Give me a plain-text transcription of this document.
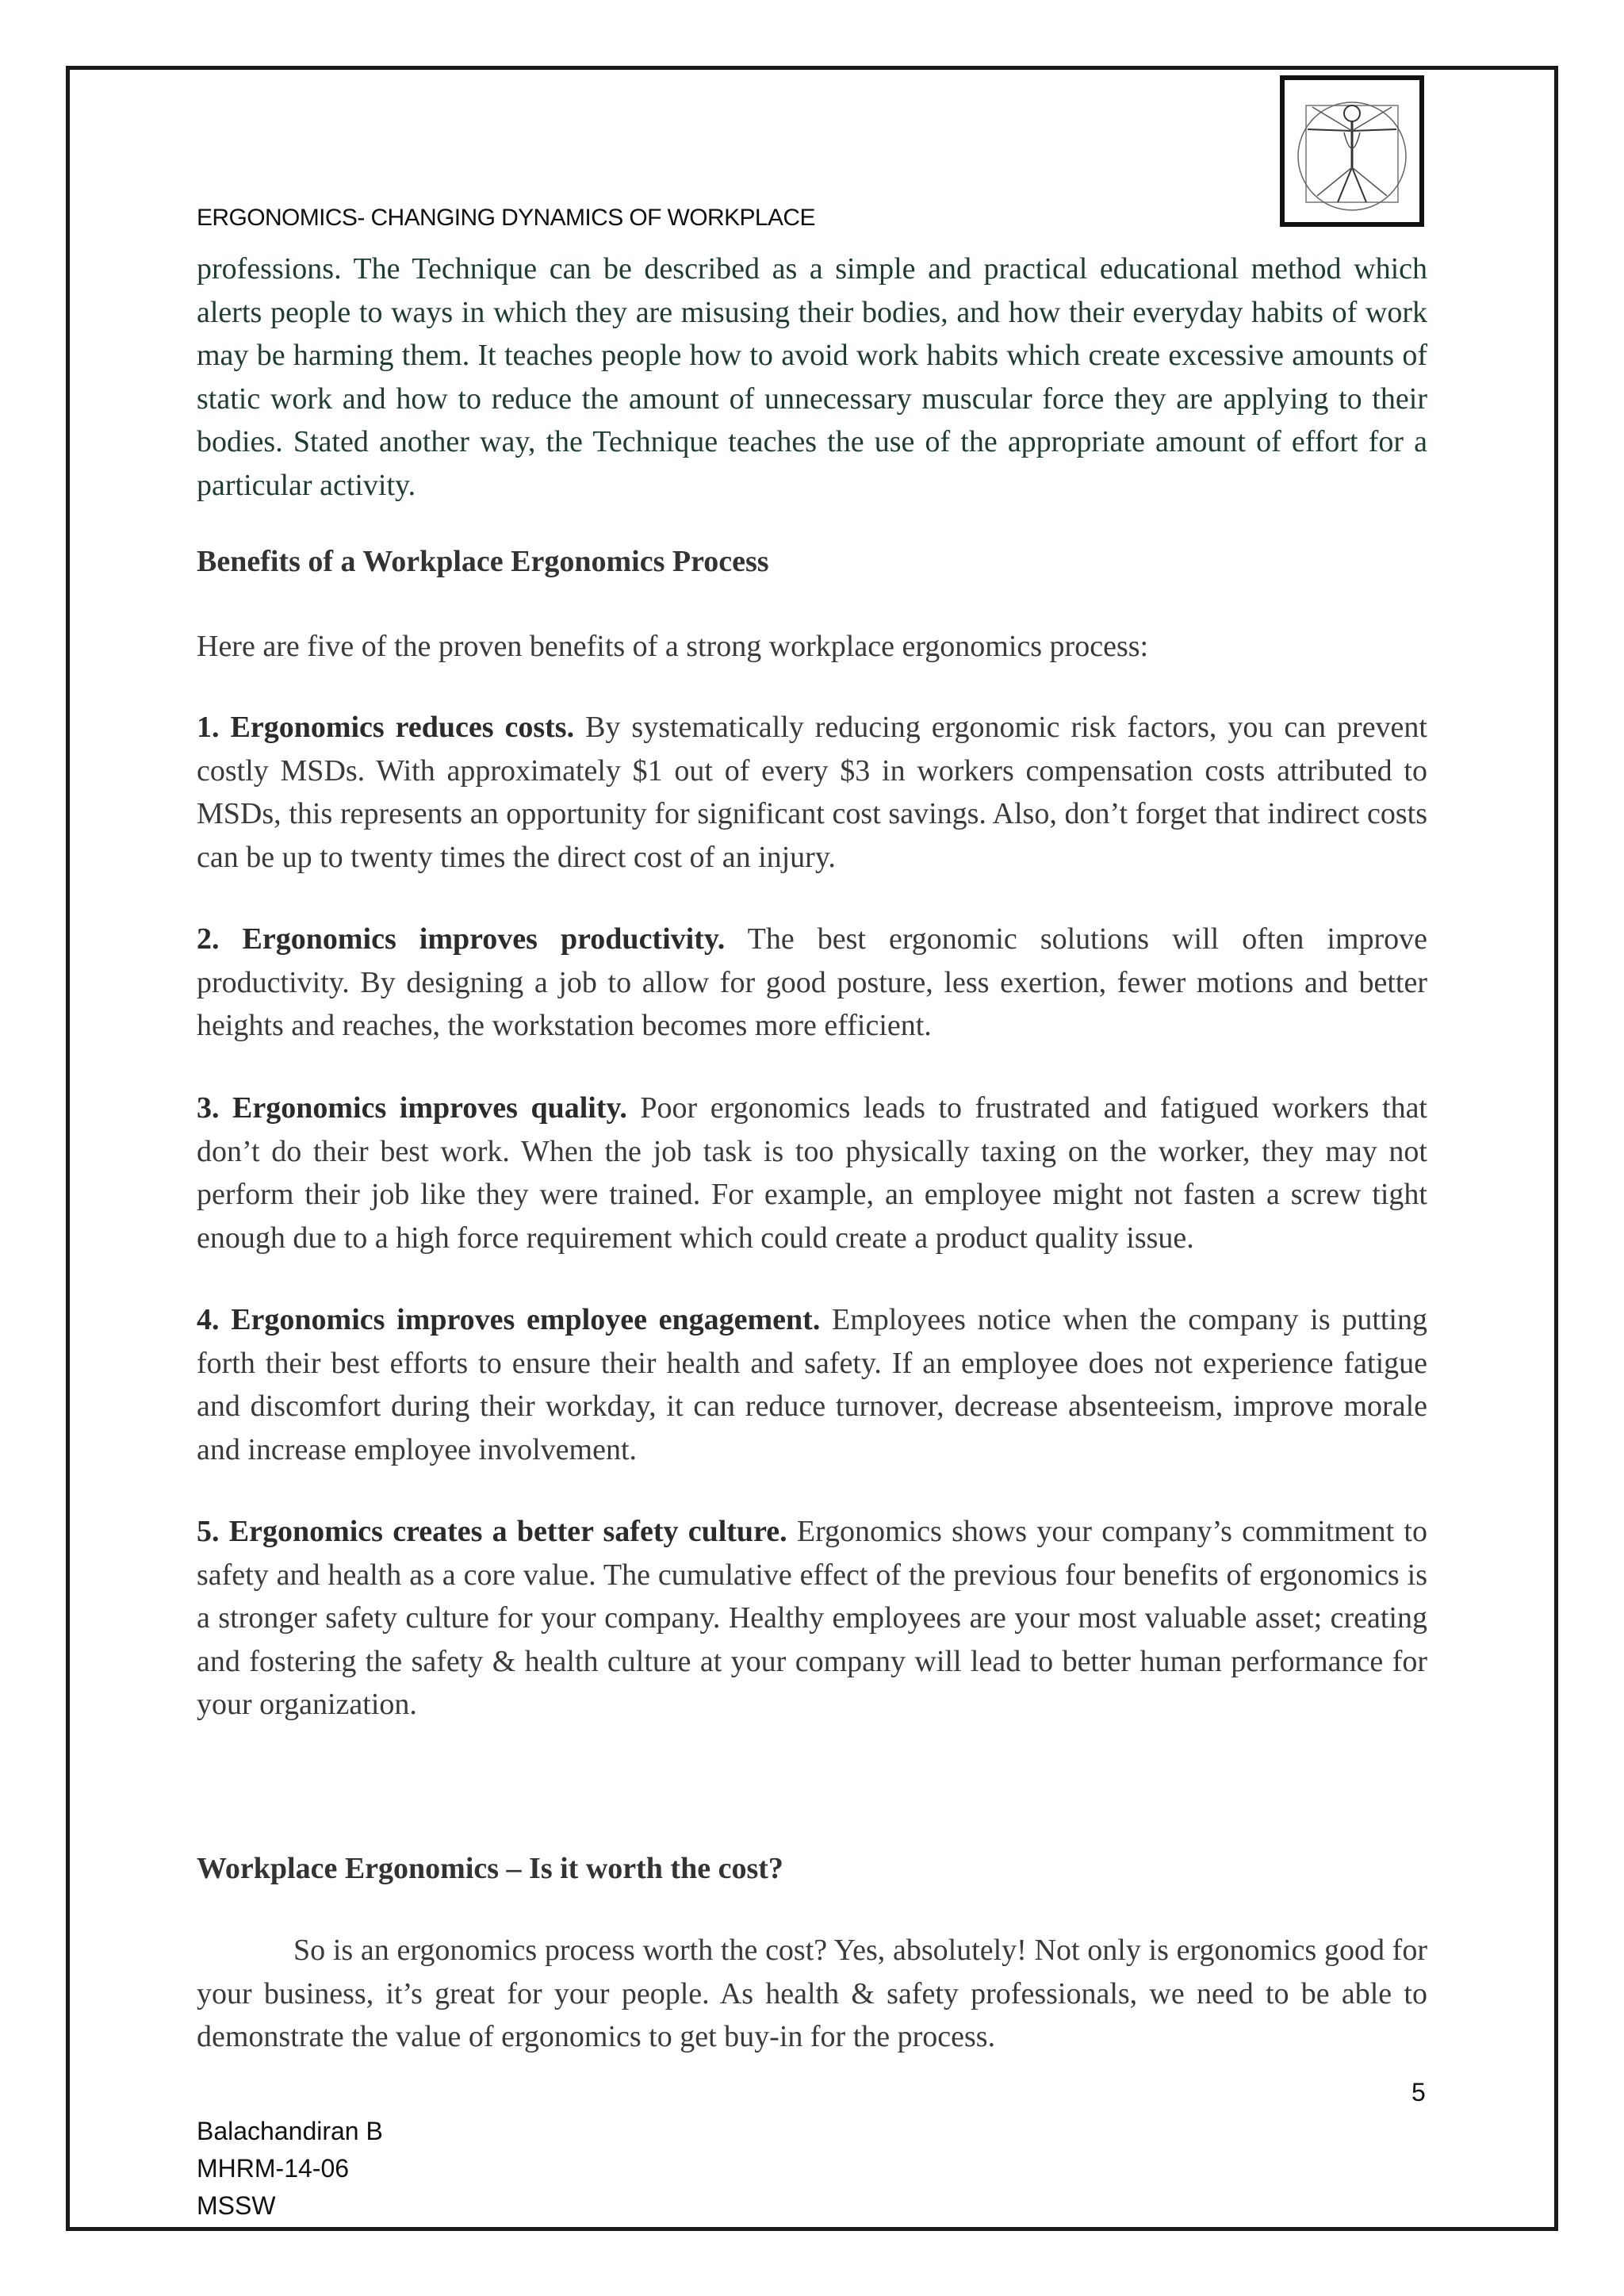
ERGONOMICS- CHANGING DYNAMICS OF WORKPLACE

professions. The Technique can be described as a simple and practical educational method which alerts people to ways in which they are misusing their bodies, and how their everyday habits of work may be harming them. It teaches people how to avoid work habits which create excessive amounts of static work and how to reduce the amount of unnecessary muscular force they are applying to their bodies. Stated another way, the Technique teaches the use of the appropriate amount of effort for a particular activity.

Benefits of a Workplace Ergonomics Process

Here are five of the proven benefits of a strong workplace ergonomics process:

1. Ergonomics reduces costs. By systematically reducing ergonomic risk factors, you can prevent costly MSDs. With approximately $1 out of every $3 in workers compensation costs attributed to MSDs, this represents an opportunity for significant cost savings. Also, don’t forget that indirect costs can be up to twenty times the direct cost of an injury.

2. Ergonomics improves productivity. The best ergonomic solutions will often improve productivity. By designing a job to allow for good posture, less exertion, fewer motions and better heights and reaches, the workstation becomes more efficient.

3. Ergonomics improves quality. Poor ergonomics leads to frustrated and fatigued workers that don’t do their best work. When the job task is too physically taxing on the worker, they may not perform their job like they were trained. For example, an employee might not fasten a screw tight enough due to a high force requirement which could create a product quality issue.

4. Ergonomics improves employee engagement. Employees notice when the company is putting forth their best efforts to ensure their health and safety. If an employee does not experience fatigue and discomfort during their workday, it can reduce turnover, decrease absenteeism, improve morale and increase employee involvement.

5. Ergonomics creates a better safety culture. Ergonomics shows your company’s commitment to safety and health as a core value. The cumulative effect of the previous four benefits of ergonomics is a stronger safety culture for your company. Healthy employees are your most valuable asset; creating and fostering the safety & health culture at your company will lead to better human performance for your organization.

Workplace Ergonomics – Is it worth the cost?

So is an ergonomics process worth the cost? Yes, absolutely! Not only is ergonomics good for your business, it’s great for your people. As health & safety professionals, we need to be able to demonstrate the value of ergonomics to get buy-in for the process.

5
Balachandiran B
MHRM-14-06
MSSW
